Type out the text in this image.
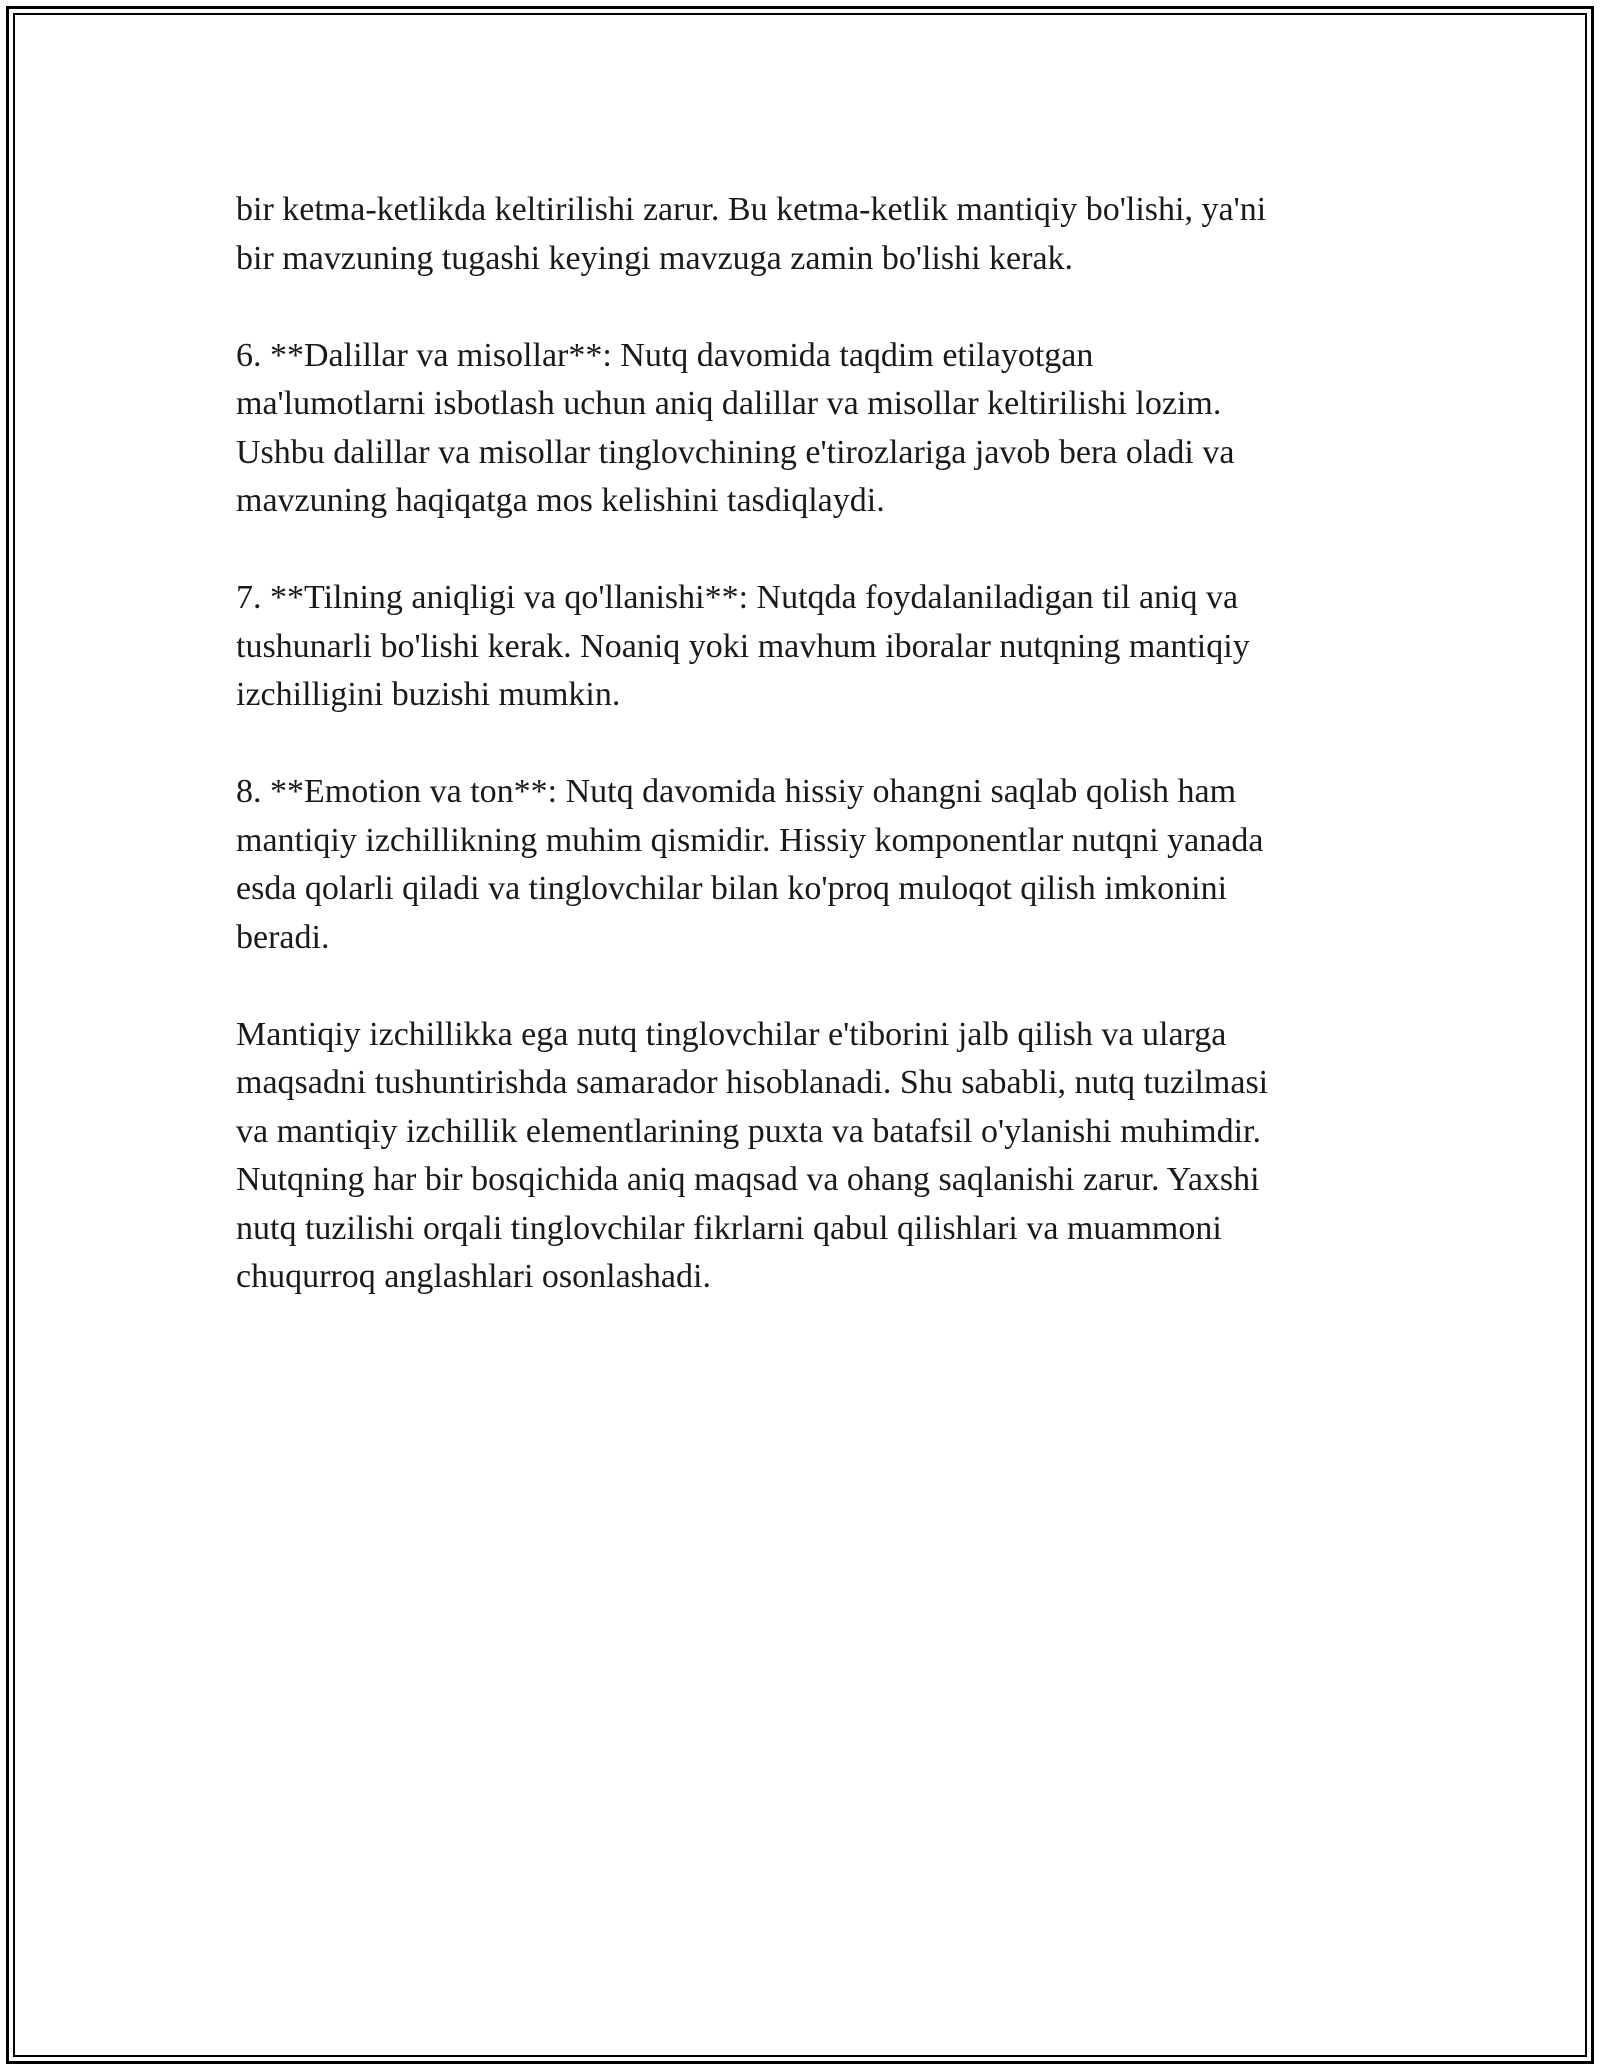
bir ketma-ketlikda keltirilishi zarur. Bu ketma-ketlik mantiqiy bo'lishi, ya'ni
bir mavzuning tugashi keyingi mavzuga zamin bo'lishi kerak.

6. **Dalillar va misollar**: Nutq davomida taqdim etilayotgan
ma'lumotlarni isbotlash uchun aniq dalillar va misollar keltirilishi lozim.
Ushbu dalillar va misollar tinglovchining e'tirozlariga javob bera oladi va
mavzuning haqiqatga mos kelishini tasdiqlaydi.

7. **Tilning aniqligi va qo'llanishi**: Nutqda foydalaniladigan til aniq va
tushunarli bo'lishi kerak. Noaniq yoki mavhum iboralar nutqning mantiqiy
izchilligini buzishi mumkin.

8. **Emotion va ton**: Nutq davomida hissiy ohangni saqlab qolish ham
mantiqiy izchillikning muhim qismidir. Hissiy komponentlar nutqni yanada
esda qolarli qiladi va tinglovchilar bilan ko'proq muloqot qilish imkonini
beradi.

Mantiqiy izchillikka ega nutq tinglovchilar e'tiborini jalb qilish va ularga
maqsadni tushuntirishda samarador hisoblanadi. Shu sababli, nutq tuzilmasi
va mantiqiy izchillik elementlarining puxta va batafsil o'ylanishi muhimdir.
Nutqning har bir bosqichida aniq maqsad va ohang saqlanishi zarur. Yaxshi
nutq tuzilishi orqali tinglovchilar fikrlarni qabul qilishlari va muammoni
chuqurroq anglashlari osonlashadi.
